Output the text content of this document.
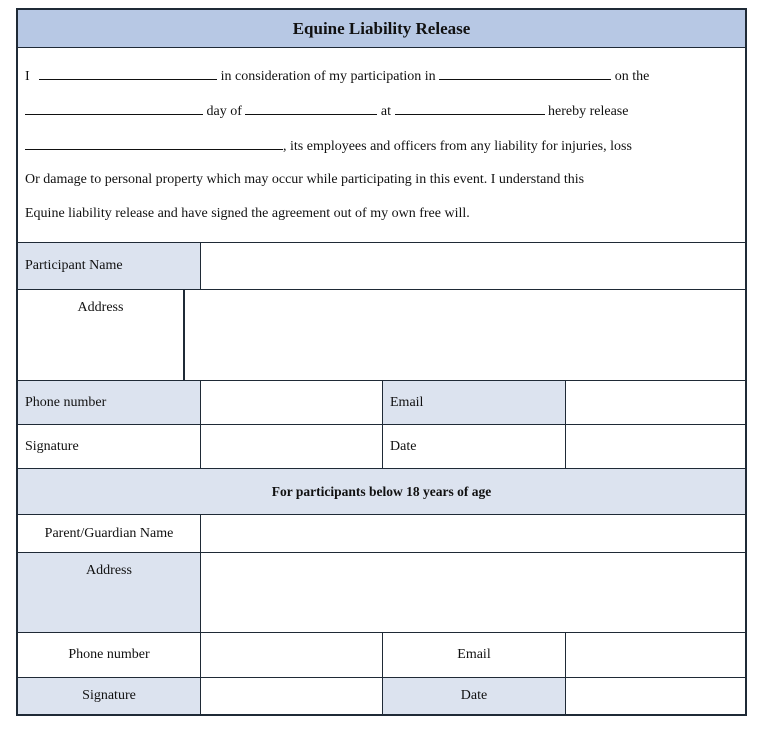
Equine Liability Release
I	in consideration of my participation in	on the
day of	at	hereby release
, its employees and officers from any liability for injuries, loss
Or damage to personal property which may occur while participating in this event. I understand this
Equine liability release and have signed the agreement out of my own free will.
Participant Name
Address
Phone number	Email
Signature	Date
For participants below 18 years of age
Parent/Guardian Name
Address
Phone number	Email
Signature	Date
